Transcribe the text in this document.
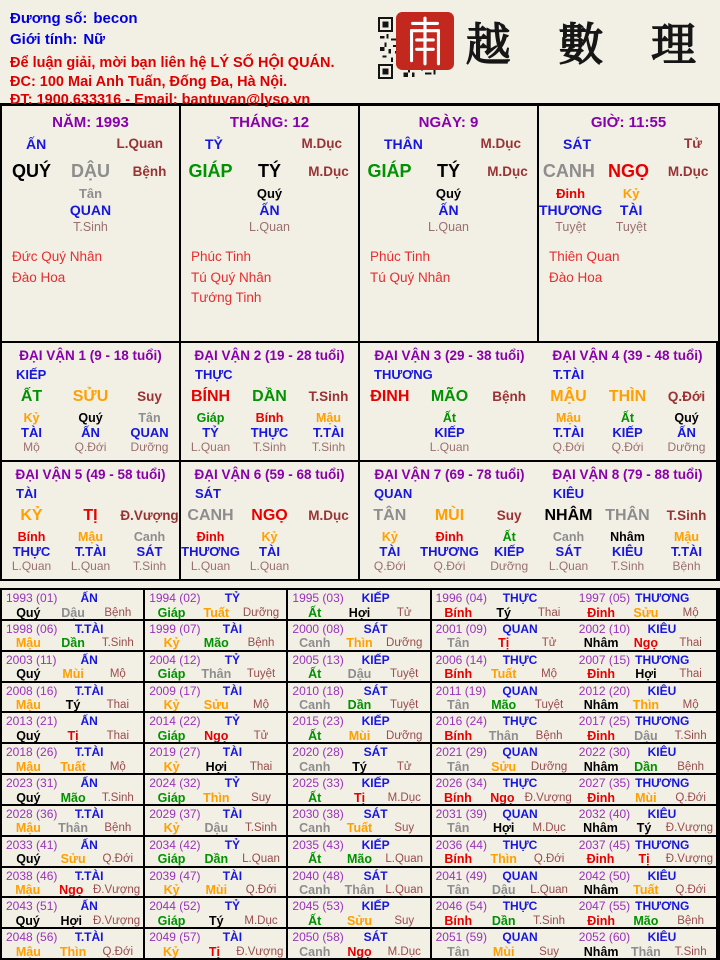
Đương số: becon
Giới tính: Nữ
Để luận giải, mời bạn liên hệ LÝ SỐ HỘI QUÁN.
ĐC: 100 Mai Anh Tuấn, Đống Đa, Hà Nội.
ĐT: 1900.633316 - Email: bantuvan@lyso.vn
越 數 理
NĂM: 1993
ẤN	L.Quan
QUÝ	DẬU	Bệnh
Tân
QUAN
T.Sinh
Đức Quý Nhân
Đào Hoa
THÁNG: 12
TỶ	M.Dục
GIÁP	TÝ	M.Dục
Quý
ẤN
L.Quan
Phúc Tinh
Tú Quý Nhân
Tướng Tinh
NGÀY: 9
THÂN	M.Dục
GIÁP	TÝ	M.Dục
Quý
ẤN
L.Quan
Phúc Tinh
Tú Quý Nhân
GIỜ: 11:55
SÁT	Tử
CANH NGỌ	M.Dục
Đinh
THƯƠNG
Tuyệt
Kỷ
TÀI
Tuyệt
Thiên Quan
Đào Hoa
ĐẠI VẬN 1 (9 - 18 tuổi)
KIẾP
ẤT	SỬU	Suy
Kỷ
TÀI
Mộ
Quý
ẤN
Q.Đới
Tân
QUAN
Dưỡng
ĐẠI VẬN 2 (19 - 28 tuổi)
THỰC
BÍNH	DẦN	T.Sinh
Giáp
TỶ
L.Quan
Bính
THỰC
T.Sinh
Mậu
T.TÀI
T.Sinh
ĐẠI VẬN 3 (29 - 38 tuổi)
THƯƠNG
ĐINH	MÃO	Bệnh
Ất
KIẾP
L.Quan
ĐẠI VẬN 4 (39 - 48 tuổi)
T.TÀI
MẬU	THÌN	Q.Đới
Mậu
T.TÀI
Q.Đới
Ất
KIẾP
Q.Đới
Quý
ẤN
Dưỡng
ĐẠI VẬN 5 (49 - 58 tuổi)
TÀI
KỶ	TỊ	Đ.Vượng
Bính
THỰC
L.Quan
Mậu
T.TÀI
L.Quan
Canh
SÁT
T.Sinh
ĐẠI VẬN 6 (59 - 68 tuổi)
SÁT
CANH	NGỌ	M.Dục
Đinh
THƯƠNG
L.Quan
Kỷ
TÀI
L.Quan
ĐẠI VẬN 7 (69 - 78 tuổi)
QUAN
TÂN	MÙI	Suy
Kỷ
TÀI
Q.Đới
Đinh
THƯƠNG
Q.Đới
Ất
KIẾP
Dưỡng
ĐẠI VẬN 8 (79 - 88 tuổi)
KIÊU
NHÂM THÂN	T.Sinh
Canh
SÁT
L.Quan
Nhâm
KIÊU
T.Sinh
Mậu
T.TÀI
Bệnh
1993 (01)	ẤN
Quý	Dậu	Bệnh
1994 (02)	TỶ
Giáp	Tuất	Dưỡng
1995 (03)	KIẾP
Ất	Hợi	Tử
1996 (04)	THỰC
Bính	Tý	Thai
1997 (05) THƯƠNG
Đinh	Sửu	Mộ
1998 (06)	T.TÀI
Mậu	Dần	T.Sinh
1999 (07)	TÀI
Kỷ	Mão	Bệnh
2000 (08)	SÁT
Canh	Thìn	Dưỡng
2001 (09)	QUAN
Tân	Tị	Tử
2002 (10)	KIÊU
Nhâm	Ngọ	Thai
2003 (11)	ẤN
Quý	Mùi	Mộ
2004 (12)	TỶ
Giáp	Thân	Tuyệt
2005 (13)	KIẾP
Ất	Dậu	Tuyệt
2006 (14)	THỰC
Bính	Tuất	Mộ
2007 (15) THƯƠNG
Đinh	Hợi	Thai
2008 (16)	T.TÀI
Mậu	Tý	Thai
2009 (17)	TÀI
Kỷ	Sửu	Mộ
2010 (18)	SÁT
Canh	Dần	Tuyệt
2011 (19)	QUAN
Tân	Mão	Tuyệt
2012 (20)	KIÊU
Nhâm	Thìn	Mộ
2013 (21)	ẤN
Quý	Tị	Thai
2014 (22)	TỶ
Giáp	Ngọ	Tử
2015 (23)	KIẾP
Ất	Mùi	Dưỡng
2016 (24)	THỰC
Bính	Thân	Bệnh
2017 (25) THƯƠNG
Đinh	Dậu	T.Sinh
2018 (26)	T.TÀI
Mậu	Tuất	Mộ
2019 (27)	TÀI
Kỷ	Hợi	Thai
2020 (28)	SÁT
Canh	Tý	Tử
2021 (29)	QUAN
Tân	Sửu	Dưỡng
2022 (30)	KIÊU
Nhâm	Dần	Bệnh
2023 (31)	ẤN
Quý	Mão	T.Sinh
2024 (32)	TỶ
Giáp	Thìn	Suy
2025 (33)	KIẾP
Ất	Tị	M.Dục
2026 (34)	THỰC
Bính	Ngọ Đ.Vượng
2027 (35) THƯƠNG
Đinh	Mùi	Q.Đới
2028 (36)	T.TÀI
Mậu	Thân	Bệnh
2029 (37)	TÀI
Kỷ	Dậu	T.Sinh
2030 (38)	SÁT
Canh	Tuất	Suy
2031 (39)	QUAN
Tân	Hợi	M.Dục
2032 (40)	KIÊU
Nhâm	Tý	Đ.Vượng
2033 (41)	ẤN
Quý	Sửu	Q.Đới
2034 (42)	TỶ
Giáp	Dần	L.Quan
2035 (43)	KIẾP
Ất	Mão	L.Quan
2036 (44)	THỰC
Bính	Thìn	Q.Đới
2037 (45) THƯƠNG
Đinh	Tị	Đ.Vượng
2038 (46)	T.TÀI
Mậu	Ngọ Đ.Vượng
2039 (47)	TÀI
Kỷ	Mùi	Q.Đới
2040 (48)	SÁT
Canh	Thân L.Quan
2041 (49)	QUAN
Tân	Dậu	L.Quan
2042 (50)	KIÊU
Nhâm	Tuất	Q.Đới
2043 (51)	ẤN
Quý	Hợi Đ.Vượng
2044 (52)	TỶ
Giáp	Tý	M.Dục
2045 (53)	KIẾP
Ất	Sửu	Suy
2046 (54)	THỰC
Bính	Dần	T.Sinh
2047 (55) THƯƠNG
Đinh	Mão	Bệnh
2048 (56)	T.TÀI
Mậu	Thìn	Q.Đới
2049 (57)	TÀI
Kỷ	Tị	Đ.Vượng
2050 (58)	SÁT
Canh	Ngọ	M.Dục
2051 (59)	QUAN
Tân	Mùi	Suy
2052 (60)	KIÊU
Nhâm Thân	T.Sinh
